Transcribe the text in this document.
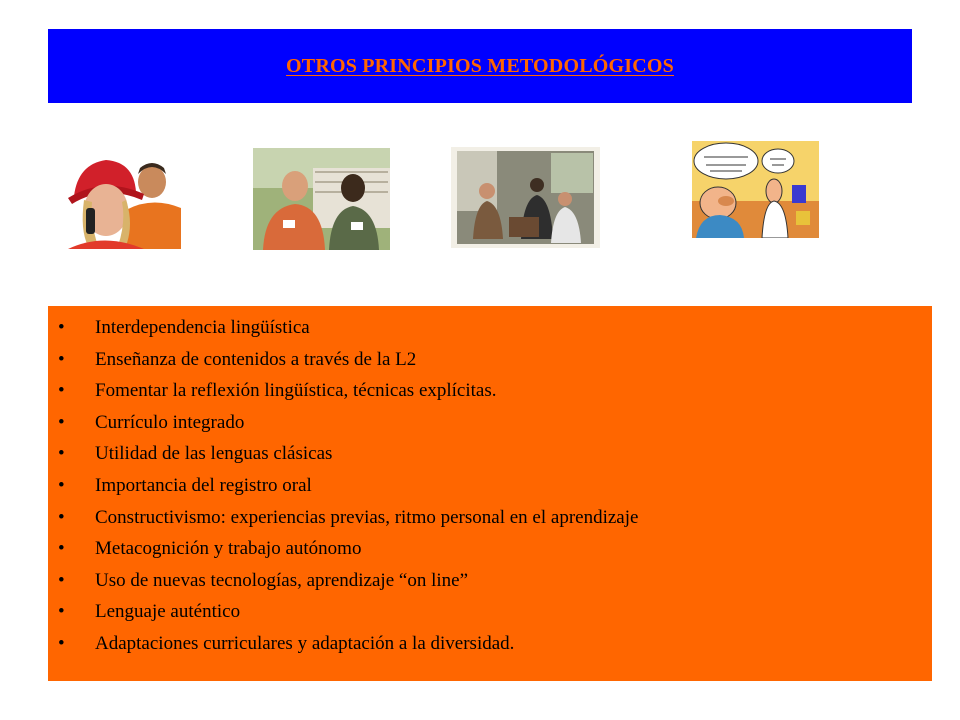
OTROS PRINCIPIOS METODOLÓGICOS
• Interdependencia lingüística
• Enseñanza de contenidos a través de la L2
• Fomentar la reflexión lingüística, técnicas explícitas.
• Currículo integrado
• Utilidad de las lenguas clásicas
• Importancia del registro oral
• Constructivismo: experiencias previas, ritmo personal en el aprendizaje
• Metacognición y trabajo autónomo
• Uso de nuevas tecnologías, aprendizaje “on line”
• Lenguaje auténtico
• Adaptaciones curriculares y adaptación a la diversidad.
